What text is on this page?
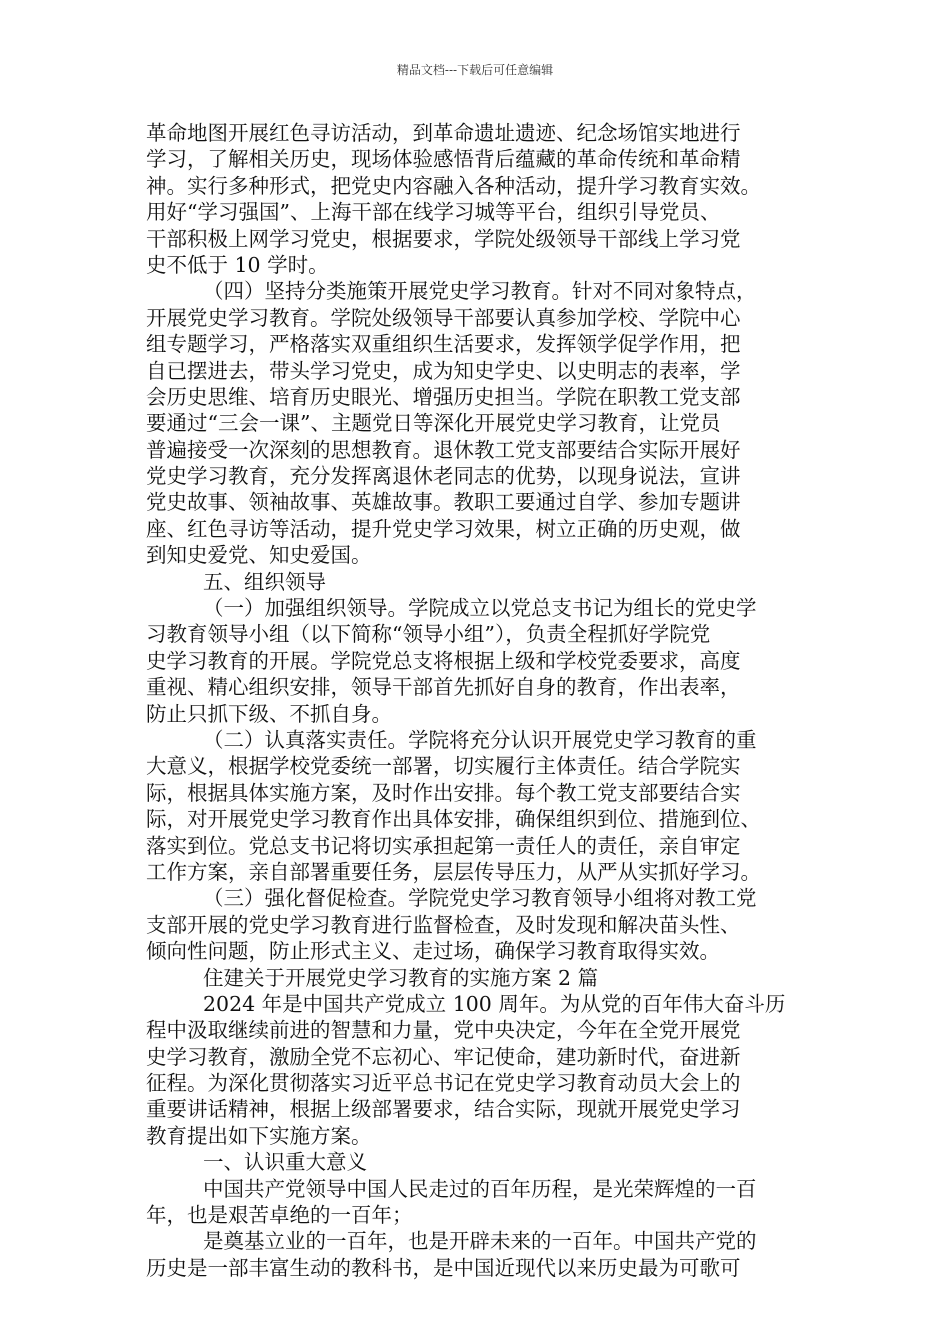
精品文档---下载后可任意编辑
革命地图开展红色寻访活动，到革命遗址遗迹、纪念场馆实地进行
学习，了解相关历史，现场体验感悟背后蕴藏的革命传统和革命精
神。实行多种形式，把党史内容融入各种活动，提升学习教育实效。
用好“学习强国”、上海干部在线学习城等平台，组织引导党员、
干部积极上网学习党史，根据要求，学院处级领导干部线上学习党
史不低于 10 学时。
（四）坚持分类施策开展党史学习教育。针对不同对象特点，
开展党史学习教育。学院处级领导干部要认真参加学校、学院中心
组专题学习，严格落实双重组织生活要求，发挥领学促学作用，把
自已摆进去，带头学习党史，成为知史学史、以史明志的表率，学
会历史思维、培育历史眼光、增强历史担当。学院在职教工党支部
要通过“三会一课”、主题党日等深化开展党史学习教育，让党员
普遍接受一次深刻的思想教育。退休教工党支部要结合实际开展好
党史学习教育，充分发挥离退休老同志的优势，以现身说法，宣讲
党史故事、领袖故事、英雄故事。教职工要通过自学、参加专题讲
座、红色寻访等活动，提升党史学习效果，树立正确的历史观，做
到知史爱党、知史爱国。
五、组织领导
（一）加强组织领导。学院成立以党总支书记为组长的党史学
习教育领导小组（以下简称“领导小组”），负责全程抓好学院党
史学习教育的开展。学院党总支将根据上级和学校党委要求，高度
重视、精心组织安排，领导干部首先抓好自身的教育，作出表率，
防止只抓下级、不抓自身。
（二）认真落实责任。学院将充分认识开展党史学习教育的重
大意义，根据学校党委统一部署，切实履行主体责任。结合学院实
际，根据具体实施方案，及时作出安排。每个教工党支部要结合实
际，对开展党史学习教育作出具体安排，确保组织到位、措施到位、
落实到位。党总支书记将切实承担起第一责任人的责任，亲自审定
工作方案，亲自部署重要任务，层层传导压力，从严从实抓好学习。
（三）强化督促检查。学院党史学习教育领导小组将对教工党
支部开展的党史学习教育进行监督检查，及时发现和解决苗头性、
倾向性问题，防止形式主义、走过场，确保学习教育取得实效。
住建关于开展党史学习教育的实施方案 2 篇
2024 年是中国共产党成立 100 周年。为从党的百年伟大奋斗历
程中汲取继续前进的智慧和力量，党中央决定，今年在全党开展党
史学习教育，激励全党不忘初心、牢记使命，建功新时代，奋进新
征程。为深化贯彻落实习近平总书记在党史学习教育动员大会上的
重要讲话精神，根据上级部署要求，结合实际，现就开展党史学习
教育提出如下实施方案。
一、认识重大意义
中国共产党领导中国人民走过的百年历程，是光荣辉煌的一百
年，也是艰苦卓绝的一百年；
是奠基立业的一百年，也是开辟未来的一百年。中国共产党的
历史是一部丰富生动的教科书，是中国近现代以来历史最为可歌可
